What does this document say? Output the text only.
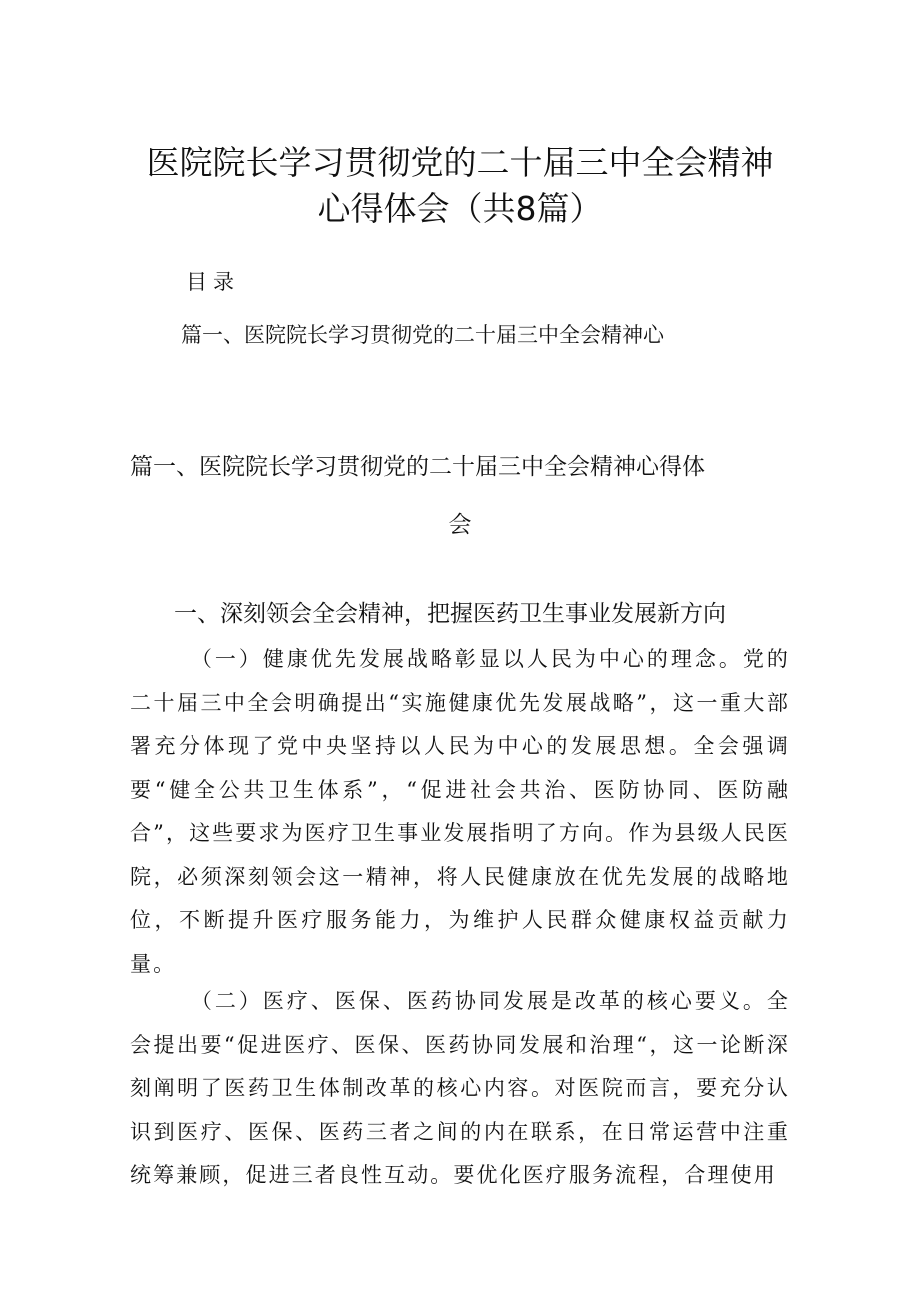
医院院长学习贯彻党的二十届三中全会精神心得体会（共8篇）

目录

篇一、医院院长学习贯彻党的二十届三中全会精神心

篇一、医院院长学习贯彻党的二十届三中全会精神心得体
会
一、深刻领会全会精神，把握医药卫生事业发展新方向

（一）健康优先发展战略彰显以人民为中心的理念。党的二十届三中全会明确提出“实施健康优先发展战略”，这一重大部署充分体现了党中央坚持以人民为中心的发展思想。全会强调要“健全公共卫生体系”，“促进社会共治、医防协同、医防融合”，这些要求为医疗卫生事业发展指明了方向。作为县级人民医院，必须深刻领会这一精神，将人民健康放在优先发展的战略地位，不断提升医疗服务能力，为维护人民群众健康权益贡献力量。

（二）医疗、医保、医药协同发展是改革的核心要义。全会提出要“促进医疗、医保、医药协同发展和治理“，这一论断深刻阐明了医药卫生体制改革的核心内容。对医院而言，要充分认识到医疗、医保、医药三者之间的内在联系，在日常运营中注重统筹兼顾，促进三者良性互动。要优化医疗服务流程，合理使用
